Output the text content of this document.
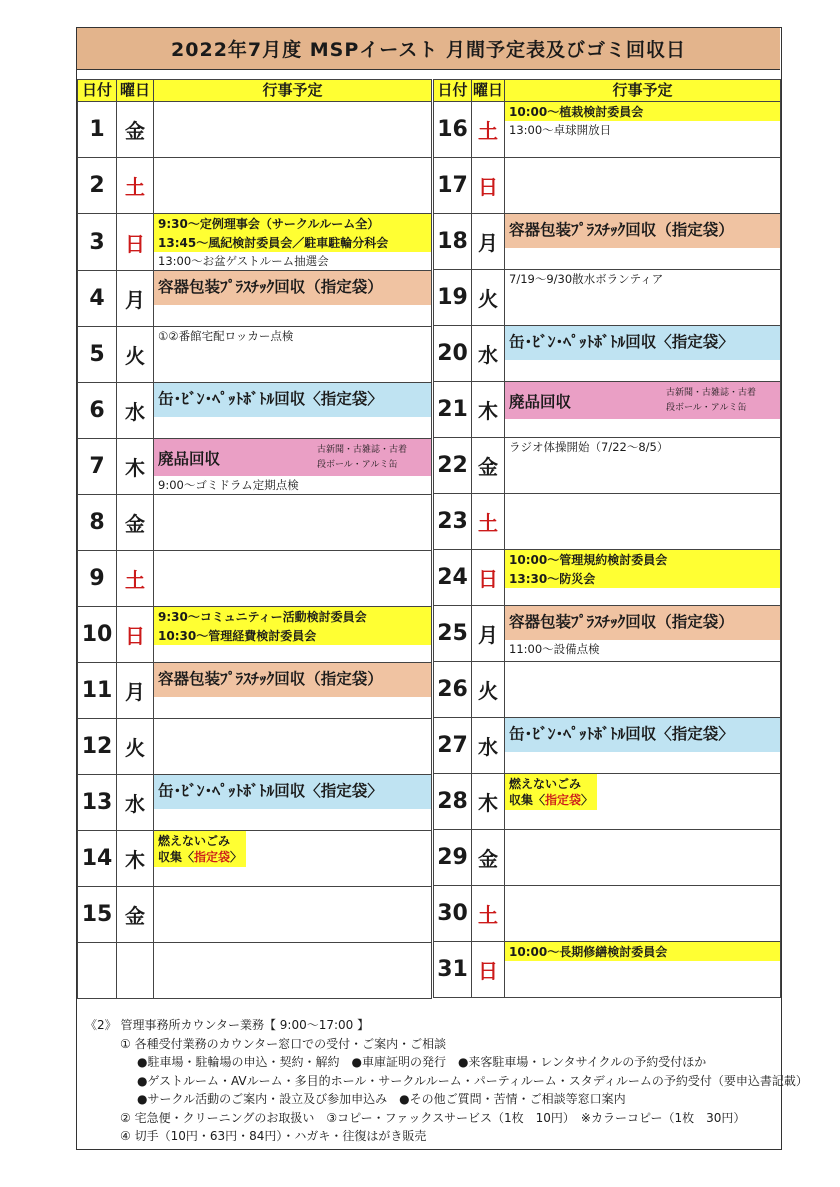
2022年7月度 MSPイースト 月間予定表及びゴミ回収日
日付	曜日	行事予定
1	金	
2	土	
3	日	9:30～定例理事会（サークルルーム全）
13:45～風紀検討委員会／駐車駐輪分科会
13:00～お盆ゲストルーム抽選会

4	月	容器包装ﾌﾟﾗｽﾁｯｸ回収（指定袋）

5	火	①②番館宅配ロッカー点検

6	水	缶･ﾋﾞﾝ･ﾍﾟｯﾄﾎﾞﾄﾙ回収〈指定袋〉

7	木	廃品回収 古新聞・古雑誌・古着
段ボール・アルミ缶
9:00～ゴミドラム定期点検

8	金	
9	土	
10	日	9:30～コミュニティー活動検討委員会
10:30～管理経費検討委員会

11	月	容器包装ﾌﾟﾗｽﾁｯｸ回収（指定袋）

12	火	
13	水	缶･ﾋﾞﾝ･ﾍﾟｯﾄﾎﾞﾄﾙ回収〈指定袋〉

14	木	燃えないごみ
収集〈指定袋〉

15	金	

日付	曜日	行事予定
16	土	10:00～植栽検討委員会
13:00～卓球開放日

17	日	
18	月	容器包装ﾌﾟﾗｽﾁｯｸ回収（指定袋）

19	火	7/19～9/30散水ボランティア

20	水	缶･ﾋﾞﾝ･ﾍﾟｯﾄﾎﾞﾄﾙ回収〈指定袋〉

21	木	廃品回収 古新聞・古雑誌・古着
段ボール・アルミ缶

22	金	ラジオ体操開始（7/22～8/5）

23	土	
24	日	10:00～管理規約検討委員会
13:30～防災会

25	月	容器包装ﾌﾟﾗｽﾁｯｸ回収（指定袋）
11:00～設備点検

26	火	
27	水	缶･ﾋﾞﾝ･ﾍﾟｯﾄﾎﾞﾄﾙ回収〈指定袋〉

28	木	燃えないごみ
収集〈指定袋〉

29	金	
30	土	
31	日	10:00～長期修繕検討委員会
《2》 管理事務所カウンター業務【 9:00～17:00 】
① 各種受付業務のカウンター窓口での受付・ご案内・ご相談
●駐車場・駐輪場の申込・契約・解約　●車庫証明の発行　●来客駐車場・レンタサイクルの予約受付ほか
●ゲストルーム・AVルーム・多目的ホール・サークルルーム・パーティルーム・スタディルームの予約受付（要申込書記載）
●サークル活動のご案内・設立及び参加申込み　●その他ご質問・苦情・ご相談等窓口案内
② 宅急便・クリーニングのお取扱い　③コピー・ファックスサービス（1枚　10円）　※カラーコピー（1枚　30円）
④ 切手（10円・63円・84円）・ハガキ・往復はがき販売
